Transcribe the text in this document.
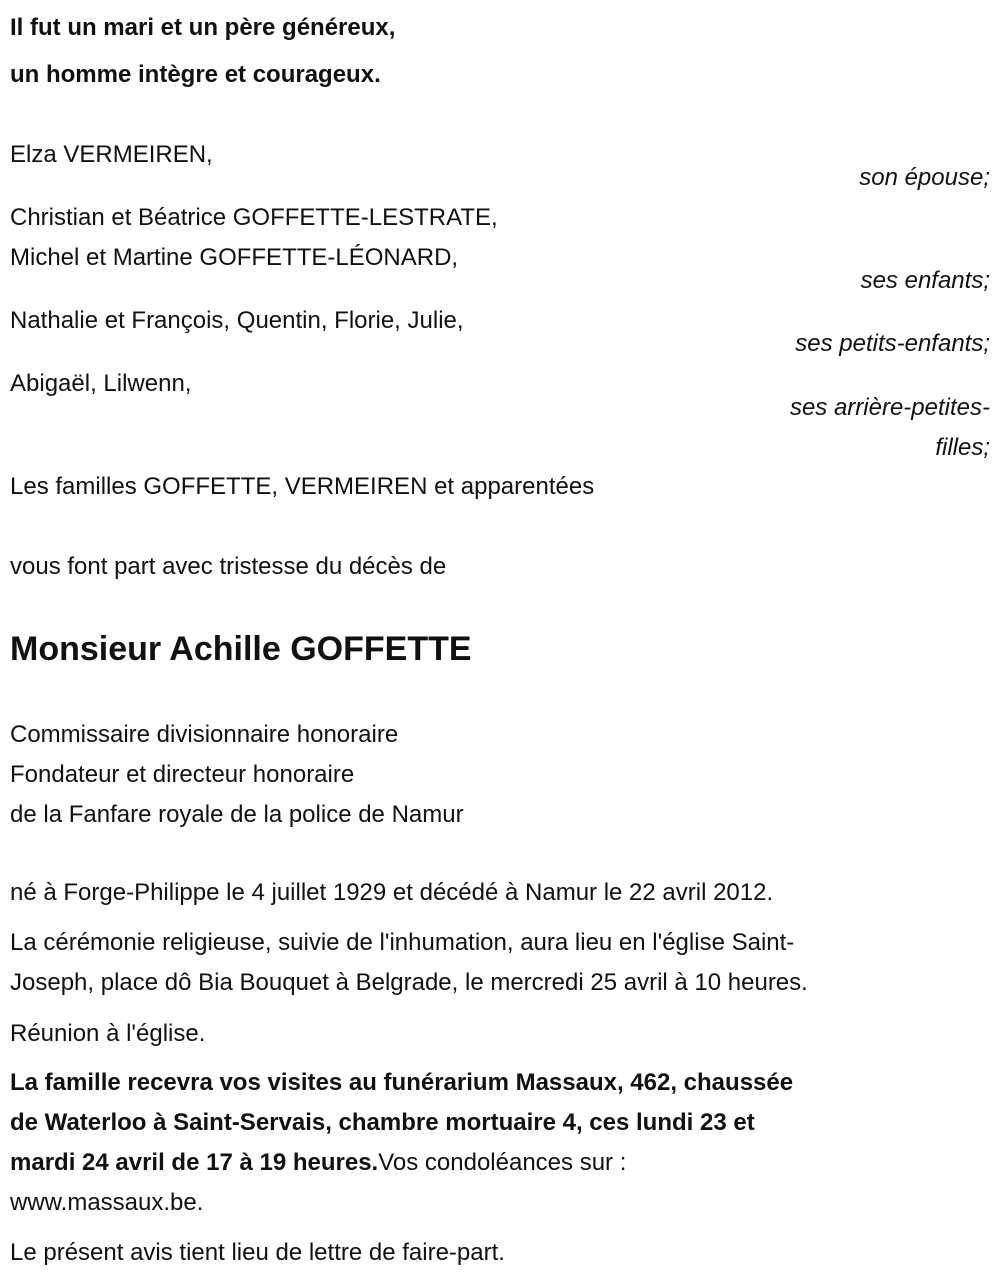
Il fut un mari et un père généreux,
un homme intègre et courageux.
Elza VERMEIREN,
son épouse;
Christian et Béatrice GOFFETTE-LESTRATE,
Michel et Martine GOFFETTE-LÉONARD,
ses enfants;
Nathalie et François, Quentin, Florie, Julie,
ses petits-enfants;
Abigaël, Lilwenn,
ses arrière-petites-
filles;
Les familles GOFFETTE, VERMEIREN et apparentées
vous font part avec tristesse du décès de
Monsieur Achille GOFFETTE
Commissaire divisionnaire honoraire
Fondateur et directeur honoraire
de la Fanfare royale de la police de Namur
né à Forge-Philippe le 4 juillet 1929 et décédé à Namur le 22 avril 2012.
La cérémonie religieuse, suivie de l'inhumation, aura lieu en l'église Saint-
Joseph, place dô Bia Bouquet à Belgrade, le mercredi 25 avril à 10 heures.
Réunion à l'église.
La famille recevra vos visites au funérarium Massaux, 462, chaussée
de Waterloo à Saint-Servais, chambre mortuaire 4, ces lundi 23 et
mardi 24 avril de 17 à 19 heures.Vos condoléances sur :
www.massaux.be.
Le présent avis tient lieu de lettre de faire-part.
